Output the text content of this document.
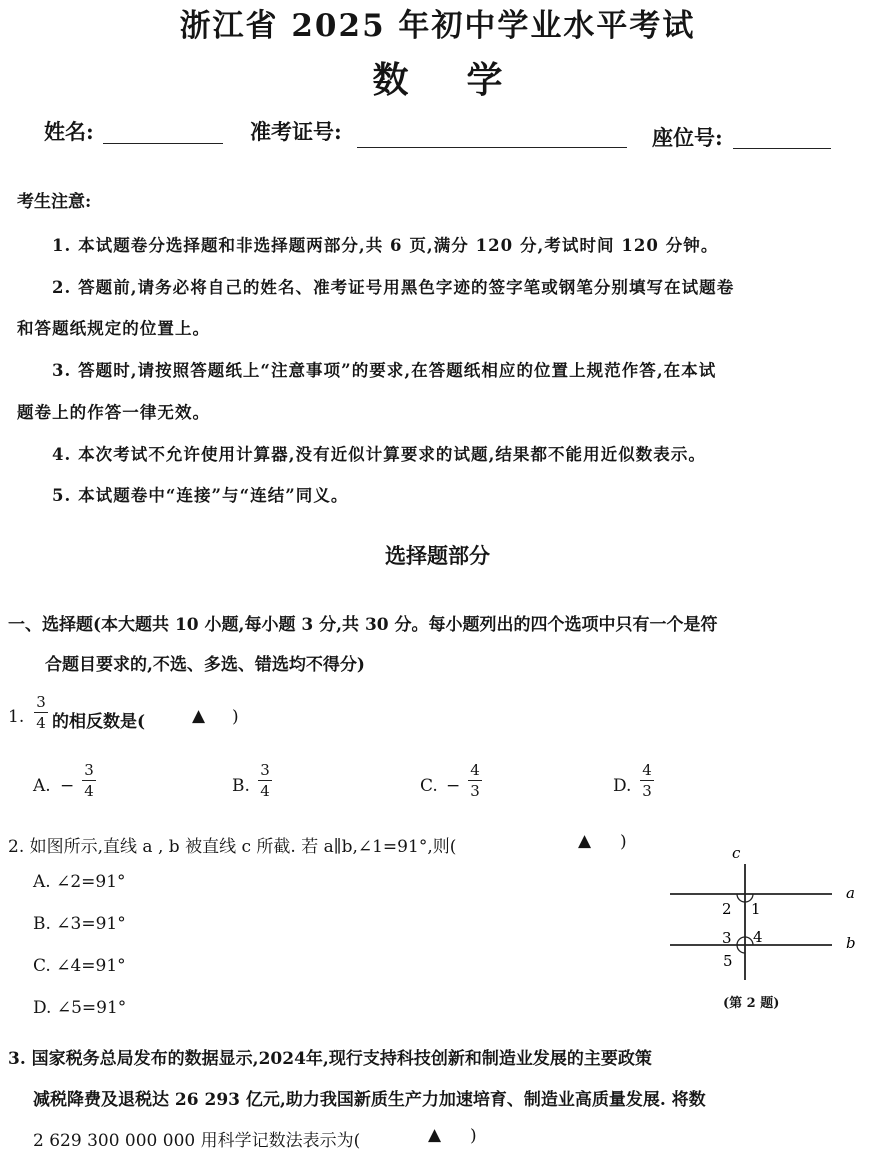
浙江省 2025 年初中学业水平考试
数学
姓名:	准考证号:	座位号:
考生注意:
1. 本试题卷分选择题和非选择题两部分,共 6 页,满分 120 分,考试时间 120 分钟。
2. 答题前,请务必将自己的姓名、准考证号用黑色字迹的签字笔或钢笔分别填写在试题卷
和答题纸规定的位置上。
3. 答题时,请按照答题纸上“注意事项”的要求,在答题纸相应的位置上规范作答,在本试
题卷上的作答一律无效。
4. 本次考试不允许使用计算器,没有近似计算要求的试题,结果都不能用近似数表示。
5. 本试题卷中“连接”与“连结”同义。
选择题部分
一、选择题(本大题共 10 小题,每小题 3 分,共 30 分。每小题列出的四个选项中只有一个是符
合题目要求的,不选、多选、错选均不得分)
1.
3
4 的相反数是(	▲ )
A. −
3
4	B.
3
4	C. −
4
3	D.
4
3
2. 如图所示,直线 a , b 被直线 c 所截. 若 a∥b,∠1=91°,则(	▲ )
A. ∠2=91°
B. ∠3=91°
C. ∠4=91°
D. ∠5=91°
c
a
b
2 1
3 4
5
(第 2 题)
3. 国家税务总局发布的数据显示,2024年,现行支持科技创新和制造业发展的主要政策
减税降费及退税达 26 293 亿元,助力我国新质生产力加速培育、制造业高质量发展. 将数
2 629 300 000 000 用科学记数法表示为(	▲ )
